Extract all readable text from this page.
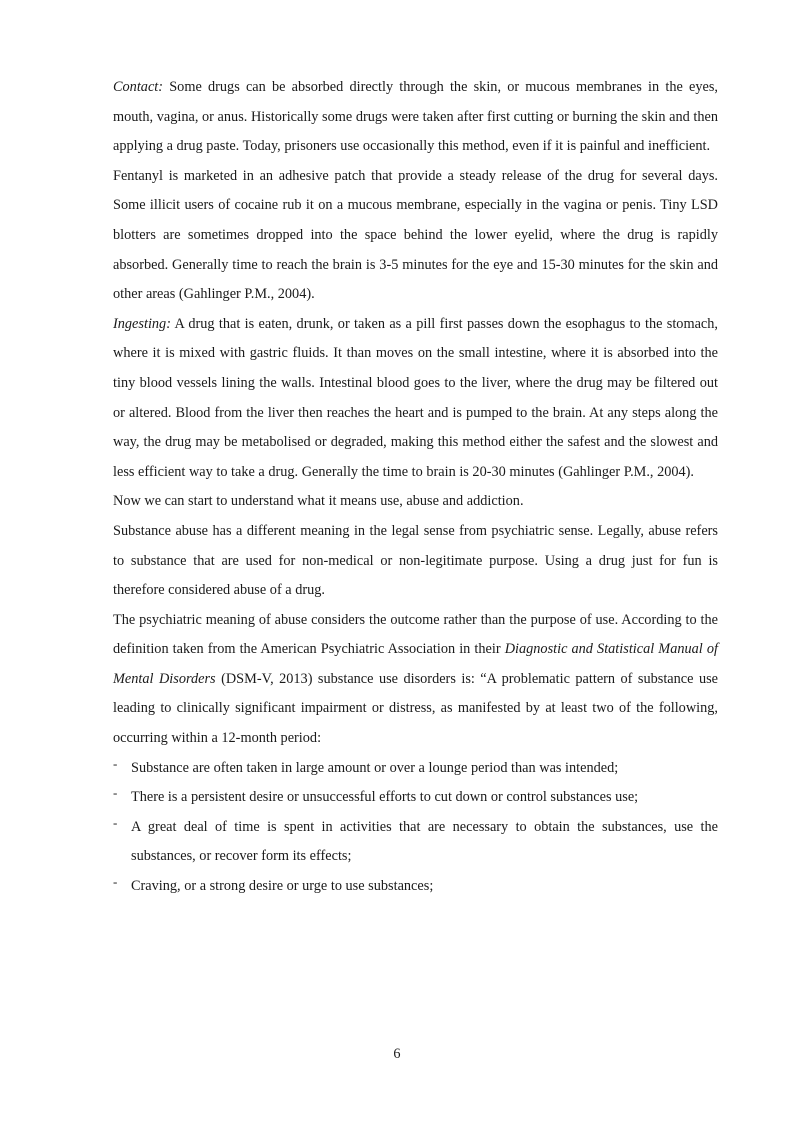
Contact: Some drugs can be absorbed directly through the skin, or mucous membranes in the eyes, mouth, vagina, or anus. Historically some drugs were taken after first cutting or burning the skin and then applying a drug paste. Today, prisoners use occasionally this method, even if it is painful and inefficient.

Fentanyl is marketed in an adhesive patch that provide a steady release of the drug for several days. Some illicit users of cocaine rub it on a mucous membrane, especially in the vagina or penis. Tiny LSD blotters are sometimes dropped into the space behind the lower eyelid, where the drug is rapidly absorbed. Generally time to reach the brain is 3-5 minutes for the eye and 15-30 minutes for the skin and other areas (Gahlinger P.M., 2004).

Ingesting: A drug that is eaten, drunk, or taken as a pill first passes down the esophagus to the stomach, where it is mixed with gastric fluids. It than moves on the small intestine, where it is absorbed into the tiny blood vessels lining the walls. Intestinal blood goes to the liver, where the drug may be filtered out or altered. Blood from the liver then reaches the heart and is pumped to the brain. At any steps along the way, the drug may be metabolised or degraded, making this method either the safest and the slowest and less efficient way to take a drug. Generally the time to brain is 20-30 minutes (Gahlinger P.M., 2004).

Now we can start to understand what it means use, abuse and addiction.

Substance abuse has a different meaning in the legal sense from psychiatric sense. Legally, abuse refers to substance that are used for non-medical or non-legitimate purpose. Using a drug just for fun is therefore considered abuse of a drug.

The psychiatric meaning of abuse considers the outcome rather than the purpose of use. According to the definition taken from the American Psychiatric Association in their Diagnostic and Statistical Manual of Mental Disorders (DSM-V, 2013) substance use disorders is: “A problematic pattern of substance use leading to clinically significant impairment or distress, as manifested by at least two of the following, occurring within a 12-month period:

- Substance are often taken in large amount or over a lounge period than was intended;
- There is a persistent desire or unsuccessful efforts to cut down or control substances use;
- A great deal of time is spent in activities that are necessary to obtain the substances, use the substances, or recover form its effects;
- Craving, or a strong desire or urge to use substances;
6
